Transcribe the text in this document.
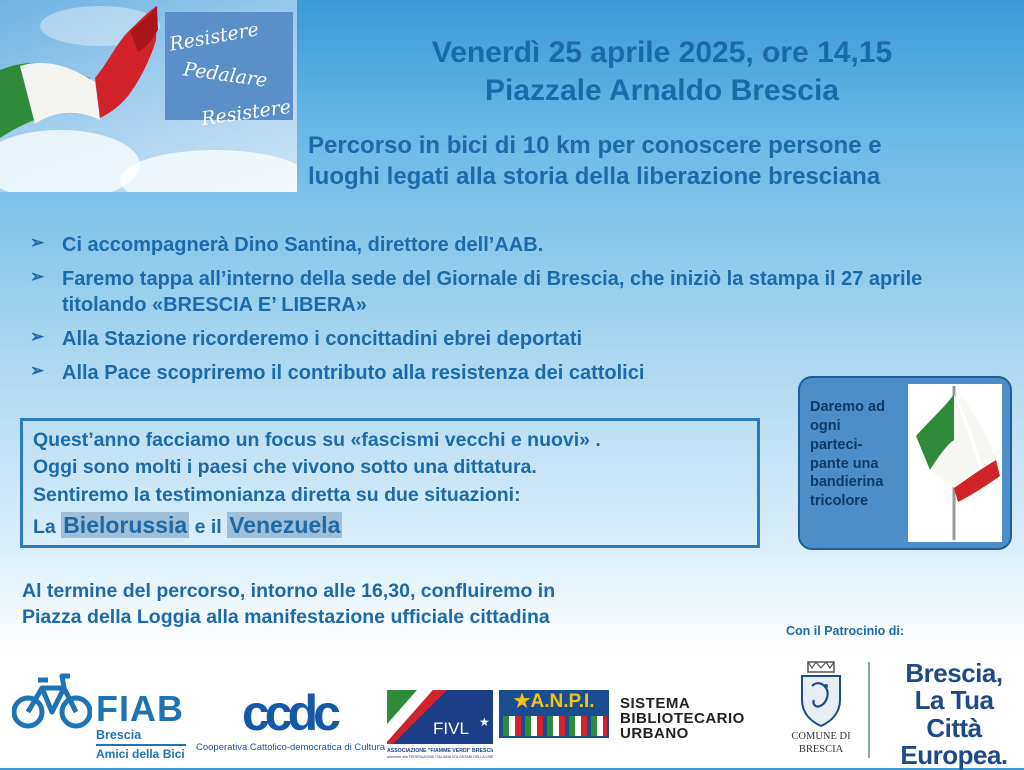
Resistere
Pedalare
Resistere
Venerdì 25 aprile 2025, ore 14,15
Piazzale Arnaldo Brescia
Percorso in bici di 10 km per conoscere persone e
luoghi legati alla storia della liberazione bresciana
➢ Ci accompagnerà Dino Santina, direttore dell’AAB.
➢ Faremo tappa all’interno della sede del Giornale di Brescia, che iniziò la stampa il 27 aprile titolando «BRESCIA E’ LIBERA»
➢ Alla Stazione ricorderemo i concittadini ebrei deportati
➢ Alla Pace scopriremo il contributo alla resistenza dei cattolici
Quest’anno facciamo un focus su «fascismi vecchi e nuovi» .
Oggi sono molti i paesi che vivono sotto una dittatura.
Sentiremo la testimonianza diretta su due situazioni:
La Bielorussia e il Venezuela
Daremo ad
ogni
parteci-
pante una
bandierina
tricolore
Al termine del percorso, intorno alle 16,30, confluiremo in
Piazza della Loggia alla manifestazione ufficiale cittadina
Con il Patrocinio di:
FIAB
Brescia
Amici della Bici
ccdc
Cooperativa Cattolico-democratica di Cultura
FIVL ★
ASSOCIAZIONE "FIAMME VERDI" BRESCIA
aderente alla FEDERAZIONE ITALIANA VOLONTARI DELLA LIBERTÀ
★A.N.P.I.	SISTEMA
BIBLIOTECARIO
URBANO	COMUNE DI
BRESCIA
Brescia,
La Tua Città
Europea.
